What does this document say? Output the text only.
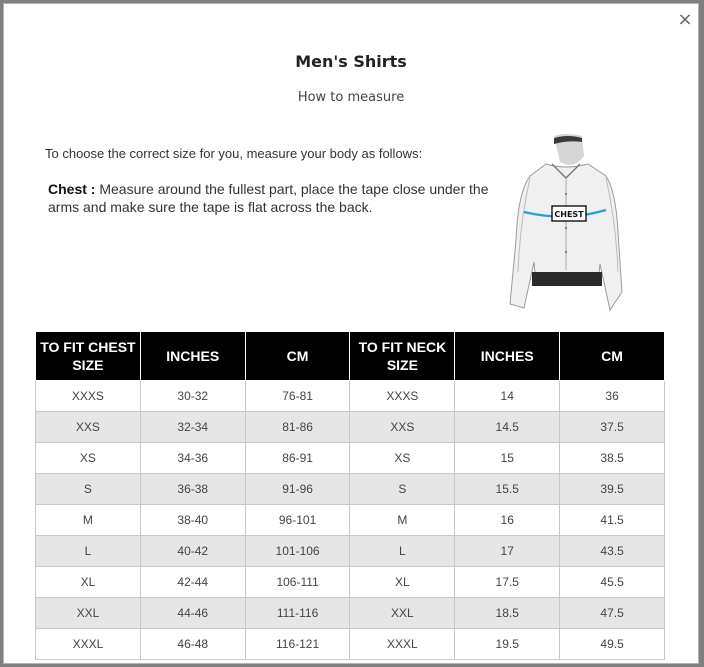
×
Men's Shirts
How to measure
To choose the correct size for you, measure your body as follows:
Chest : Measure around the fullest part, place the tape close under the arms and make sure the tape is flat across the back.	CHEST
TO FIT CHEST SIZE	INCHES	CM	TO FIT NECK SIZE	INCHES	CM
XXXS	30-32	76-81	XXXS	14	36
XXS	32-34	81-86	XXS	14.5	37.5
XS	34-36	86-91	XS	15	38.5
S	36-38	91-96	S	15.5	39.5
M	38-40	96-101	M	16	41.5
L	40-42	101-106	L	17	43.5
XL	42-44	106-111	XL	17.5	45.5
XXL	44-46	111-116	XXL	18.5	47.5
XXXL	46-48	116-121	XXXL	19.5	49.5
